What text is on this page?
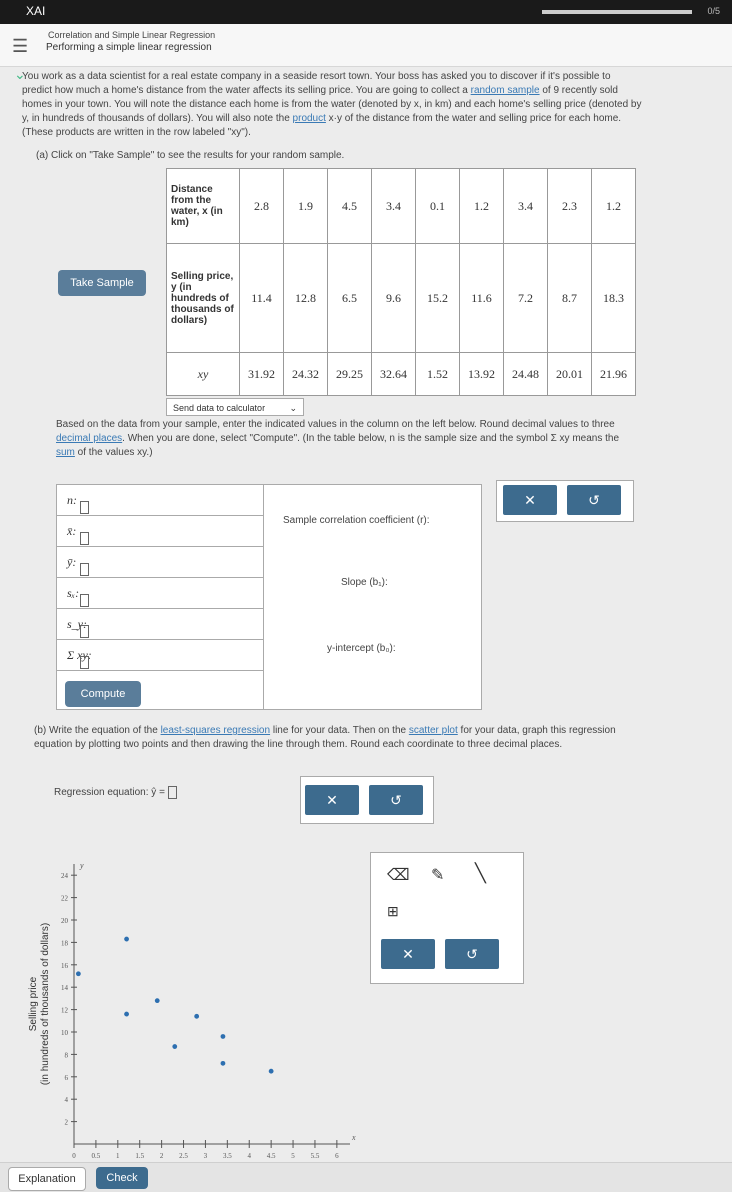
XAI	0/5
☰
Correlation and Simple Linear Regression
Performing a simple linear regression
⌄
You work as a data scientist for a real estate company in a seaside resort town. Your boss has asked you to discover if it's possible to predict how much a home's distance from the water affects its selling price. You are going to collect a random sample of 9 recently sold homes in your town. You will note the distance each home is from the water (denoted by x, in km) and each home's selling price (denoted by y, in hundreds of thousands of dollars). You will also note the product x·y of the distance from the water and selling price for each home. (These products are written in the row labeled "xy").
(a) Click on "Take Sample" to see the results for your random sample.
Take Sample
Distance from the water, x (in km)	2.8	1.9	4.5	3.4	0.1	1.2	3.4	2.3	1.2
Selling price, y (in hundreds of thousands of dollars)	11.4	12.8	6.5	9.6	15.2	11.6	7.2	8.7	18.3
xy	31.92	24.32	29.25	32.64	1.52	13.92	24.48	20.01	21.96
Send data to calculator	⌄
Based on the data from your sample, enter the indicated values in the column on the left below. Round decimal values to three decimal places. When you are done, select "Compute". (In the table below, n is the sample size and the symbol Σ xy means the sum of the values xy.)
n:
x̄:
ȳ:
sₓ:
s_y:
Σ xy:
Compute
Sample correlation coefficient (r):
Slope (b₁):
y-intercept (b₀):
✕	↺
(b) Write the equation of the least-squares regression line for your data. Then on the scatter plot for your data, graph this regression equation by plotting two points and then drawing the line through them. Round each coordinate to three decimal places.
Regression equation: ŷ =	✕	↺
0 0.5 1 1.5 2 2.5 3 3.5 4 4.5 5 5.5 6
2
4
6
8
10
12
14
16
18
20
22
24
y
x
Selling price(in hundreds of thousands of dollars)
⌫ ✎ ╲
⊞
✕	↺
Explanation	Check
